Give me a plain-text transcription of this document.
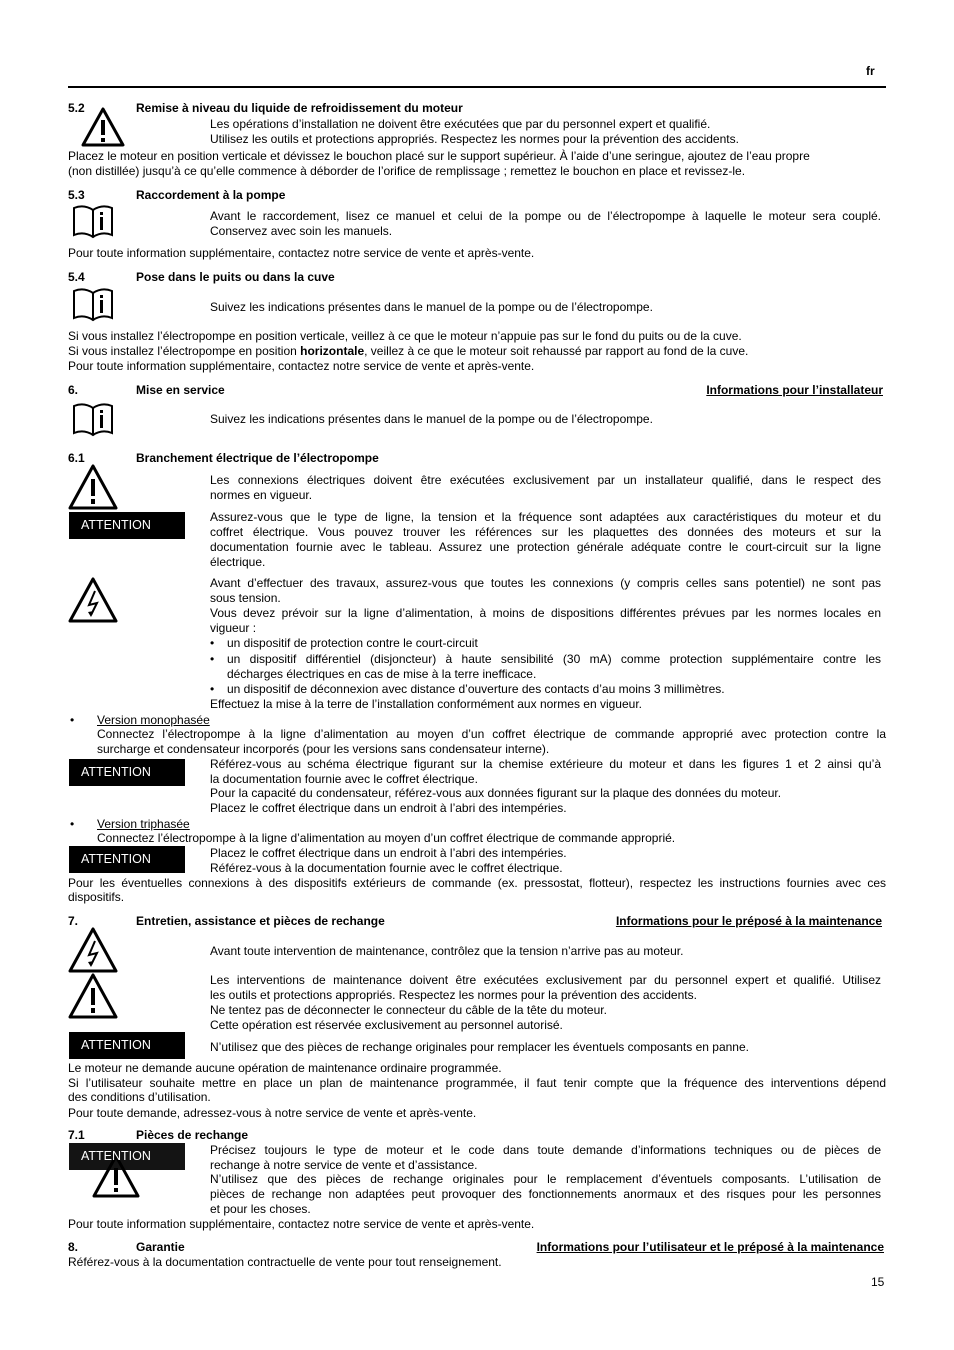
fr
5.2	Remise à niveau du liquide de refroidissement du moteur
Les opérations d’installation ne doivent être exécutées que par du personnel expert et qualifié.
Utilisez les outils et protections appropriés. Respectez les normes pour la prévention des accidents.
Placez le moteur en position verticale et dévissez le bouchon placé sur le support supérieur. À l’aide d’une seringue, ajoutez de l’eau propre
(non distillée) jusqu’à ce qu’elle commence à déborder de l’orifice de remplissage ; remettez le bouchon en place et revissez-le.
5.3	Raccordement à la pompe
Avant le raccordement, lisez ce manuel et celui de la pompe ou de l’électropompe à laquelle le moteur sera couplé.
Conservez avec soin les manuels.
Pour toute information supplémentaire, contactez notre service de vente et après-vente.
5.4	Pose dans le puits ou dans la cuve
Suivez les indications présentes dans le manuel de la pompe ou de l’électropompe.
Si vous installez l’électropompe en position verticale, veillez à ce que le moteur n’appuie pas sur le fond du puits ou de la cuve.
Si vous installez l’électropompe en position horizontale, veillez à ce que le moteur soit rehaussé par rapport au fond de la cuve.
Pour toute information supplémentaire, contactez notre service de vente et après-vente.
6.	Mise en service	Informations pour l’installateur
Suivez les indications présentes dans le manuel de la pompe ou de l’électropompe.
6.1	Branchement électrique de l’électropompe
Les connexions électriques doivent être exécutées exclusivement par un installateur qualifié, dans le respect des
normes en vigueur.
ATTENTION
Assurez-vous que le type de ligne, la tension et la fréquence sont adaptées aux caractéristiques du moteur et du
coffret électrique. Vous pouvez trouver les références sur les plaquettes des données des moteurs et sur la
documentation fournie avec le tableau. Assurez une protection générale adéquate contre le court-circuit sur la ligne
électrique.
Avant d’effectuer des travaux, assurez-vous que toutes les connexions (y compris celles sans potentiel) ne sont pas
sous tension.
Vous devez prévoir sur la ligne d’alimentation, à moins de dispositions différentes prévues par les normes locales en
vigueur :
• un dispositif de protection contre le court-circuit
• un dispositif différentiel (disjoncteur) à haute sensibilité (30 mA) comme protection supplémentaire contre les
décharges électriques en cas de mise à la terre inefficace.
• un dispositif de déconnexion avec distance d’ouverture des contacts d’au moins 3 millimètres.
Effectuez la mise à la terre de l’installation conformément aux normes en vigueur.
• Version monophasée
Connectez l’électropompe à la ligne d’alimentation au moyen d’un coffret électrique de commande approprié avec protection contre la
surcharge et condensateur incorporés (pour les versions sans condensateur interne).
ATTENTION
Référez-vous au schéma électrique figurant sur la chemise extérieure du moteur et dans les figures 1 et 2 ainsi qu’à
la documentation fournie avec le coffret électrique.
Pour la capacité du condensateur, référez-vous aux données figurant sur la plaque des données du moteur.
Placez le coffret électrique dans un endroit à l’abri des intempéries.
• Version triphasée
Connectez l’électropompe à la ligne d’alimentation au moyen d’un coffret électrique de commande approprié.
ATTENTION	Placez le coffret électrique dans un endroit à l’abri des intempéries.
Référez-vous à la documentation fournie avec le coffret électrique.
Pour les éventuelles connexions à des dispositifs extérieurs de commande (ex. pressostat, flotteur), respectez les instructions fournies avec ces
dispositifs.
7.	Entretien, assistance et pièces de rechange	Informations pour le préposé à la maintenance
Avant toute intervention de maintenance, contrôlez que la tension n’arrive pas au moteur.
Les interventions de maintenance doivent être exécutées exclusivement par du personnel expert et qualifié. Utilisez
les outils et protections appropriés. Respectez les normes pour la prévention des accidents.
Ne tentez pas de déconnecter le connecteur du câble de la tête du moteur.
Cette opération est réservée exclusivement au personnel autorisé.
ATTENTION	N’utilisez que des pièces de rechange originales pour remplacer les éventuels composants en panne.
Le moteur ne demande aucune opération de maintenance ordinaire programmée.
Si l’utilisateur souhaite mettre en place un plan de maintenance programmée, il faut tenir compte que la fréquence des interventions dépend
des conditions d’utilisation.
Pour toute demande, adressez-vous à notre service de vente et après-vente.
7.1	Pièces de rechange
ATTENTION	Précisez toujours le type de moteur et le code dans toute demande d’informations techniques ou de pièces de
rechange à notre service de vente et d’assistance.
N’utilisez que des pièces de rechange originales pour le remplacement d’éventuels composants. L’utilisation de
pièces de rechange non adaptées peut provoquer des fonctionnements anormaux et des risques pour les personnes
et pour les choses.
Pour toute information supplémentaire, contactez notre service de vente et après-vente.
8.	Garantie	Informations pour l’utilisateur et le préposé à la maintenance
Référez-vous à la documentation contractuelle de vente pour tout renseignement.
15
